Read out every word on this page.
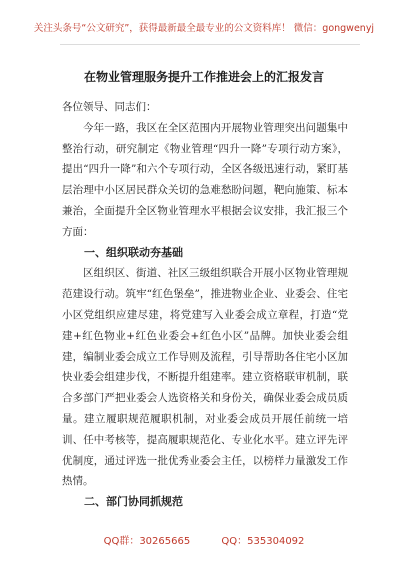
关注头条号“公文研究”，获得最新最全最专业的公文资料库！ 微信：gongwenyj
在物业管理服务提升工作推进会上的汇报发言

各位领导、同志们：

今年一路，我区在全区范围内开展物业管理突出问题集中整治行动，研究制定《物业管理“四升一降”专项行动方案》，提出“四升一降”和六个专项行动，全区各级迅速行动，紧盯基层治理中小区居民群众关切的急难愁盼问题，靶向施策、标本兼治，全面提升全区物业管理水平根据会议安排，我汇报三个方面：

一、组织联动夯基础

区组织区、街道、社区三级组织联合开展小区物业管理规范建设行动。筑牢“红色堡垒”，推进物业企业、业委会、住宅小区党组织应建尽建，将党建写入业委会成立章程，打造“党建+红色物业+红色业委会+红色小区”品牌。加快业委会组建，编制业委会成立工作导则及流程，引导帮助各住宅小区加快业委会组建步伐，不断提升组建率。建立资格联审机制，联合多部门严把业委会人选资格关和身份关，确保业委会成员质量。建立履职规范履职机制，对业委会成员开展任前统一培训、任中考核等，提高履职规范化、专业化水平。建立评先评优制度，通过评选一批优秀业委会主任，以榜样力量激发工作热情。

二、部门协同抓规范

QQ群：30265665	QQ：535304092
